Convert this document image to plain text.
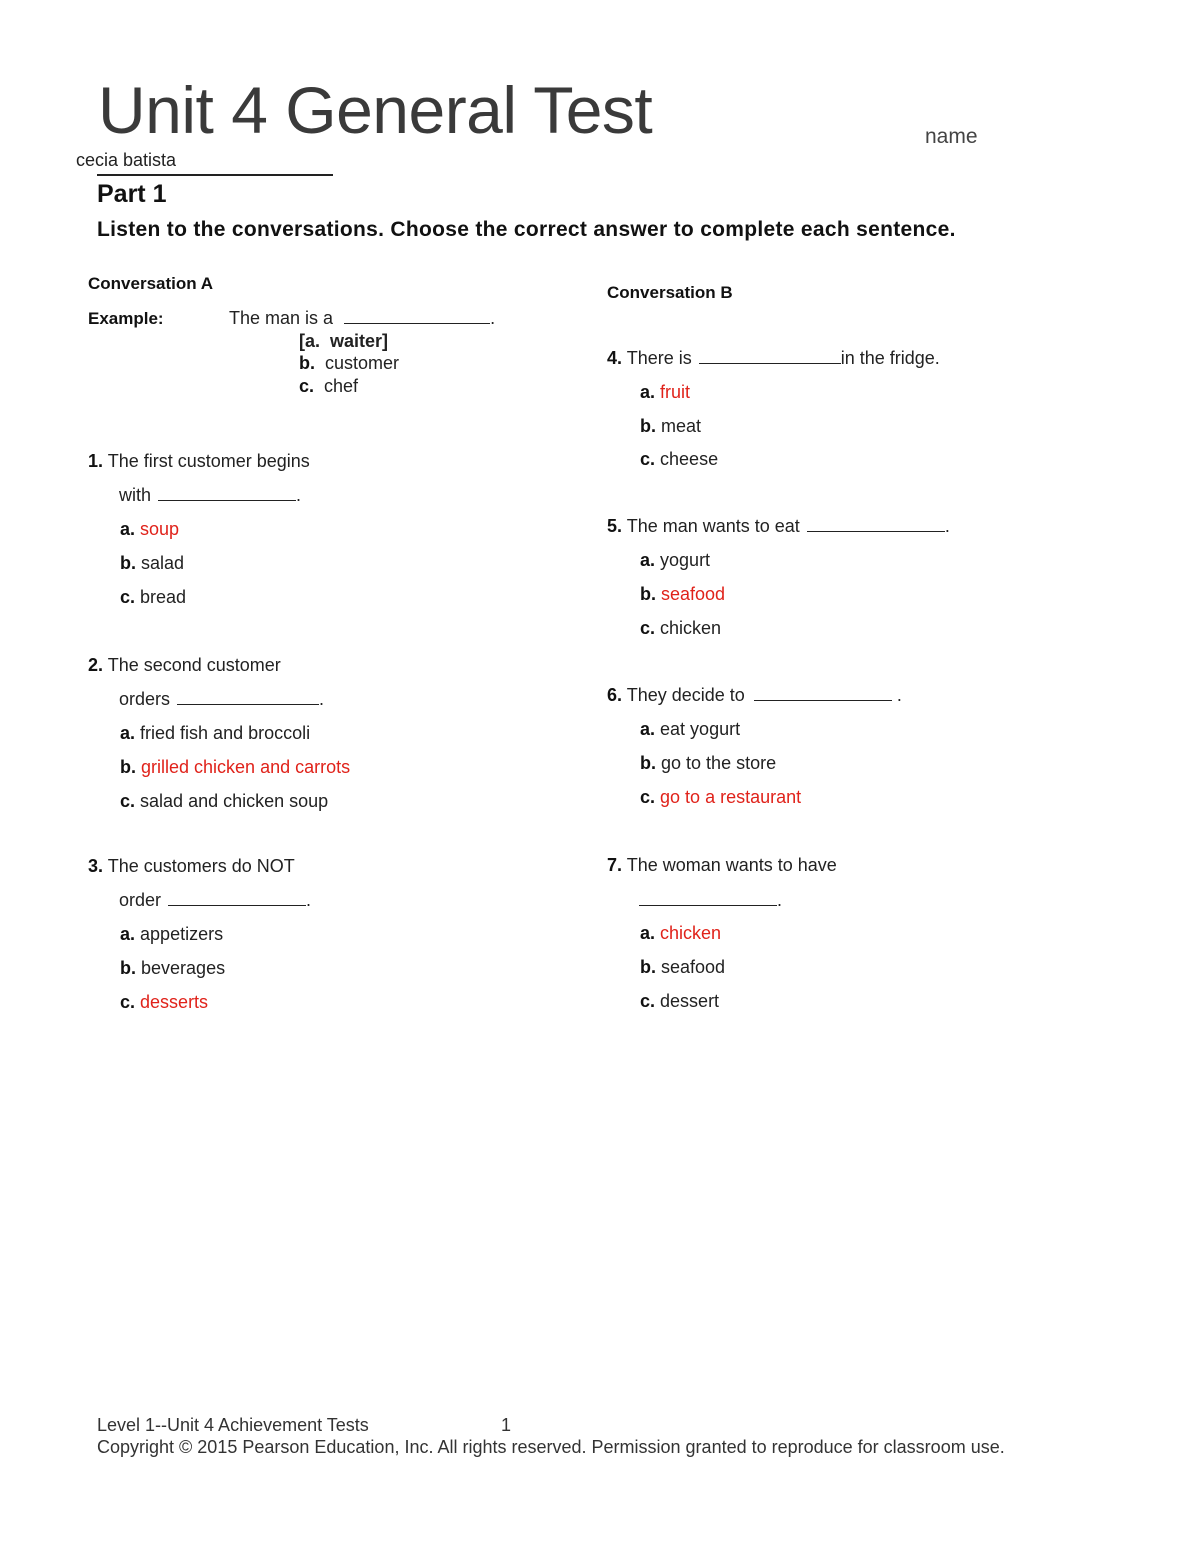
Unit 4 General Test	name
cecia batista
Part 1
Listen to the conversations. Choose the correct answer to complete each sentence.
Conversation A
Example:	The man is a	.
[a. waiter]
b. customer
c. chef
1. The first customer begins
with	.
a. soup
b. salad
c. bread
2. The second customer
orders	.
a. fried fish and broccoli
b. grilled chicken and carrots
c. salad and chicken soup
3. The customers do NOT
order	.
a. appetizers
b. beverages
c. desserts
Conversation B
4. There is	in the fridge.
a. fruit
b. meat
c. cheese
5. The man wants to eat	.
a. yogurt
b. seafood
c. chicken
6. They decide to	.
a. eat yogurt
b. go to the store
c. go to a restaurant
7. The woman wants to have
.
a. chicken
b. seafood
c. dessert
Level 1--Unit 4 Achievement Tests	1
Copyright © 2015 Pearson Education, Inc. All rights reserved. Permission granted to reproduce for classroom use.
